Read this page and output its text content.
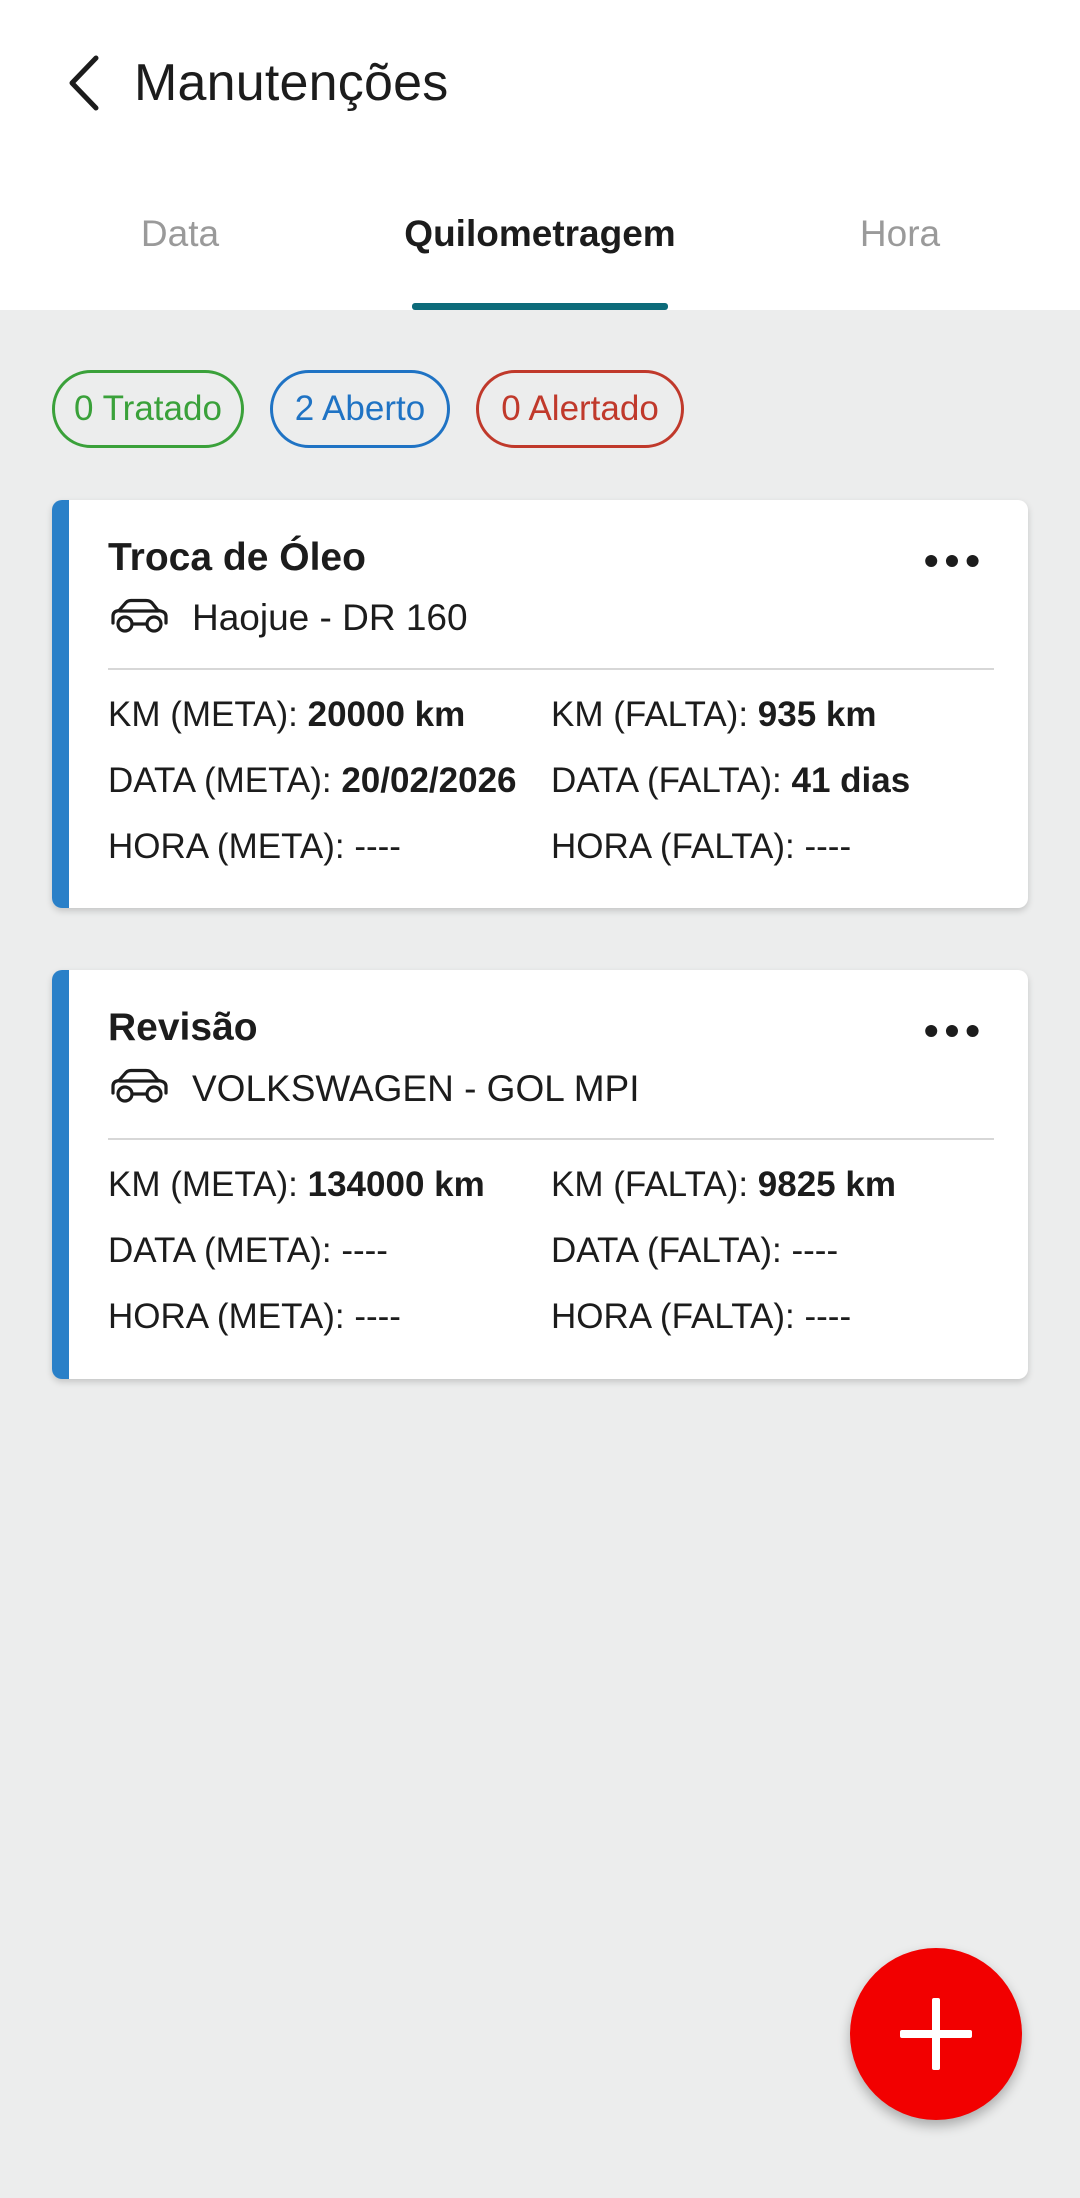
Manutenções
Data	Quilometragem	Hora
0 Tratado	2 Aberto	0 Alertado
Troca de Óleo	•••
Haojue - DR 160
KM (META): 20000 km	KM (FALTA): 935 km
DATA (META): 20/02/2026 DATA (FALTA): 41 dias
HORA (META): ----	HORA (FALTA): ----
Revisão	•••
VOLKSWAGEN - GOL MPI
KM (META): 134000 km	KM (FALTA): 9825 km
DATA (META): ----	DATA (FALTA): ----
HORA (META): ----	HORA (FALTA): ----
